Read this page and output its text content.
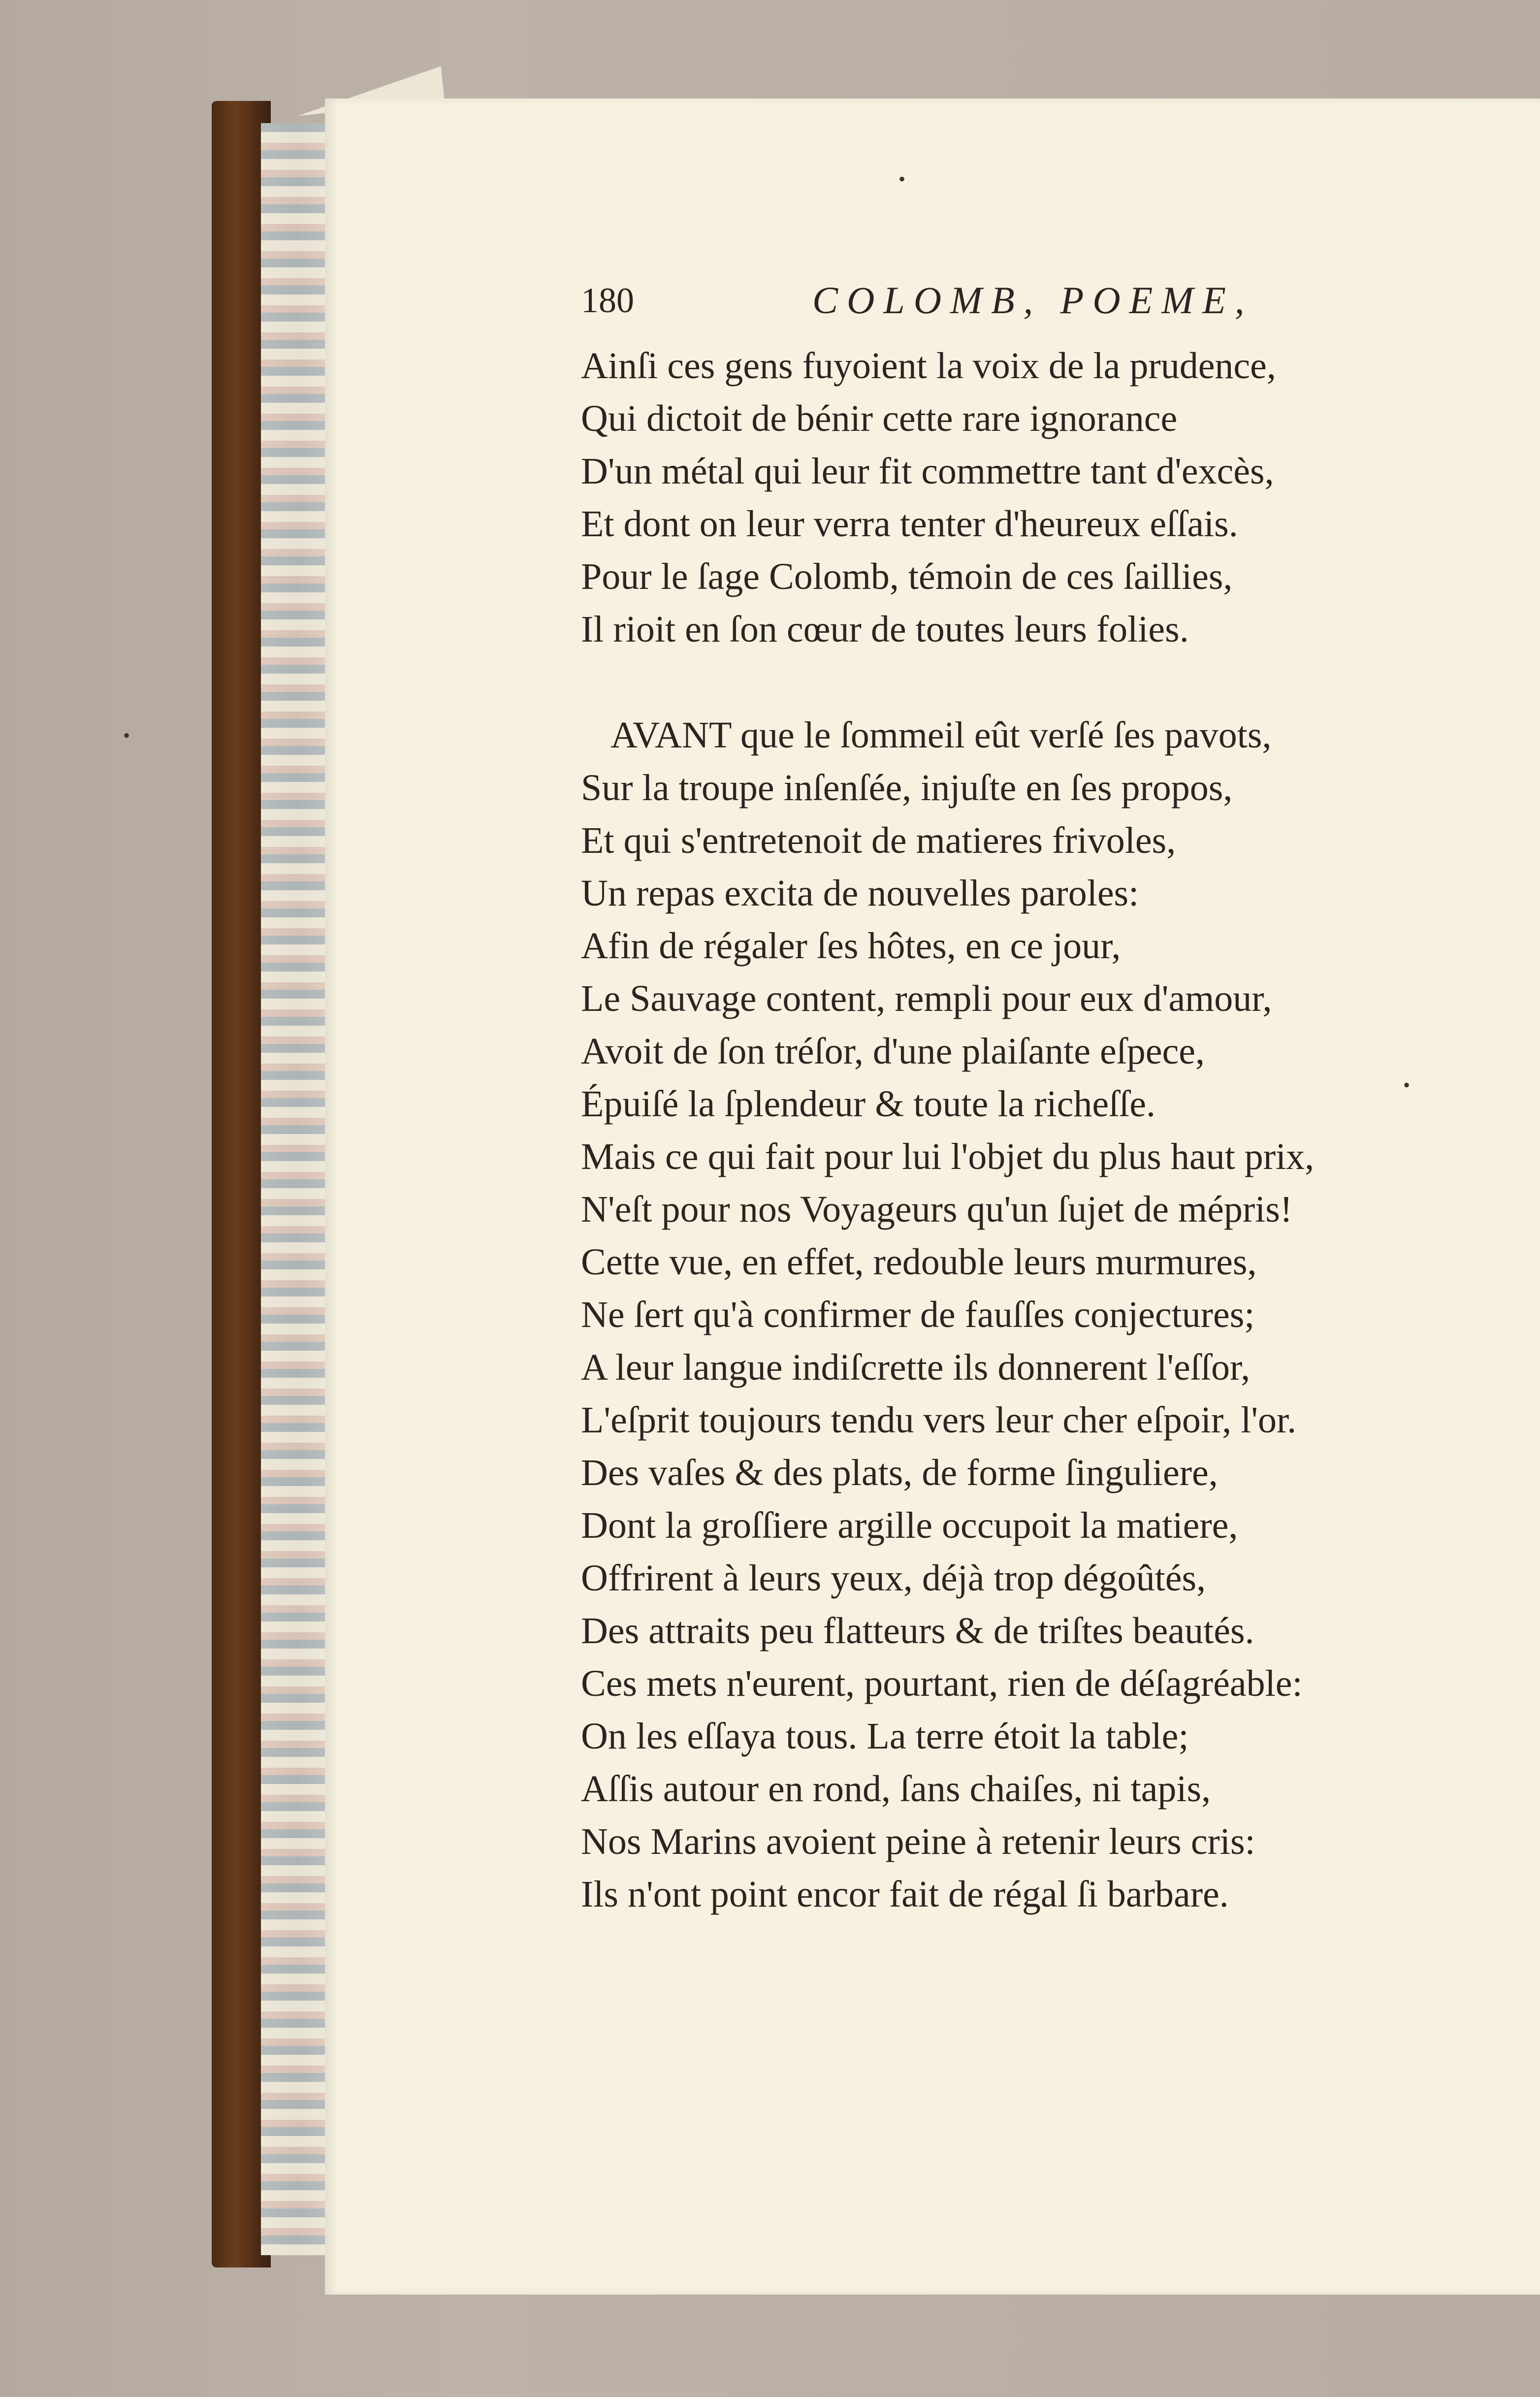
•
•
•
180	COLOMB, POEME,
Ainſi ces gens fuyoient la voix de la prudence,
Qui dictoit de bénir cette rare ignorance
D'un métal qui leur fit commettre tant d'excès,
Et dont on leur verra tenter d'heureux eſſais.
Pour le ſage Colomb, témoin de ces ſaillies,
Il rioit en ſon cœur de toutes leurs folies.
AVANT que le ſommeil eût verſé ſes pavots,
Sur la troupe inſenſée, injuſte en ſes propos,
Et qui s'entretenoit de matieres frivoles,
Un repas excita de nouvelles paroles:
Afin de régaler ſes hôtes, en ce jour,
Le Sauvage content, rempli pour eux d'amour,
Avoit de ſon tréſor, d'une plaiſante eſpece,
Épuiſé la ſplendeur & toute la richeſſe.
Mais ce qui fait pour lui l'objet du plus haut prix,
N'eſt pour nos Voyageurs qu'un ſujet de mépris!
Cette vue, en effet, redouble leurs murmures,
Ne ſert qu'à confirmer de fauſſes conjectures;
A leur langue indiſcrette ils donnerent l'eſſor,
L'eſprit toujours tendu vers leur cher eſpoir, l'or.
Des vaſes & des plats, de forme ſinguliere,
Dont la groſſiere argille occupoit la matiere,
Offrirent à leurs yeux, déjà trop dégoûtés,
Des attraits peu flatteurs & de triſtes beautés.
Ces mets n'eurent, pourtant, rien de déſagréable:
On les eſſaya tous. La terre étoit la table;
Aſſis autour en rond, ſans chaiſes, ni tapis,
Nos Marins avoient peine à retenir leurs cris:
Ils n'ont point encor fait de régal ſi barbare.
